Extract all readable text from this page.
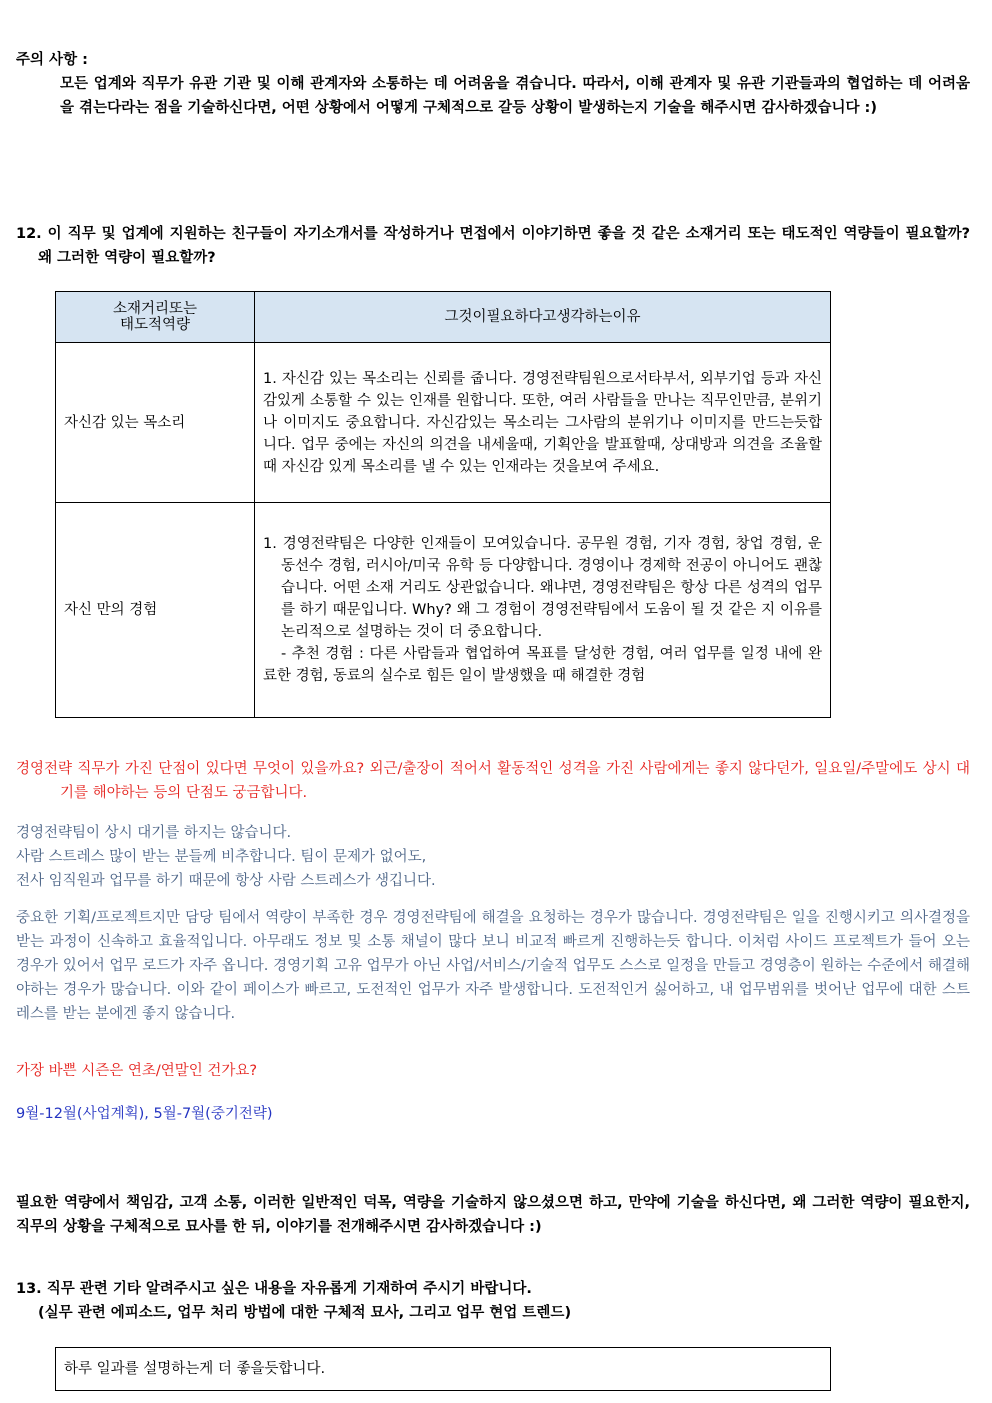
주의 사항 :

모든 업계와 직무가 유관 기관 및 이해 관계자와 소통하는 데 어려움을 겪습니다. 따라서, 이해 관계자 및 유관 기관들과의 협업하는 데 어려움을 겪는다라는 점을 기술하신다면, 어떤 상황에서 어떻게 구체적으로 갈등 상황이 발생하는지 기술을 해주시면 감사하겠습니다 :)

12. 이 직무 및 업계에 지원하는 친구들이 자기소개서를 작성하거나 면접에서 이야기하면 좋을 것 같은 소재거리 또는 태도적인 역량들이 필요할까? 왜 그러한 역량이 필요할까?

소재거리또는
태도적역량	그것이필요하다고생각하는이유
자신감 있는 목소리	1. 자신감 있는 목소리는 신뢰를 줍니다. 경영전략팀원으로서타부서, 외부기업 등과 자신감있게 소통할 수 있는 인재를 원합니다. 또한, 여러 사람들을 만나는 직무인만큼, 분위기나 이미지도 중요합니다. 자신감있는 목소리는 그사람의 분위기나 이미지를 만드는듯합니다. 업무 중에는 자신의 의견을 내세울때, 기획안을 발표할때, 상대방과 의견을 조율할때 자신감 있게 목소리를 낼 수 있는 인재라는 것을보여 주세요.
자신 만의 경험	1. 경영전략팀은 다양한 인재들이 모여있습니다. 공무원 경험, 기자 경험, 창업 경험, 운동선수 경험, 러시아/미국 유학 등 다양합니다. 경영이나 경제학 전공이 아니어도 괜찮습니다. 어떤 소재 거리도 상관없습니다. 왜냐면, 경영전략팀은 항상 다른 성격의 업무를 하기 때문입니다. Why? 왜 그 경험이 경영전략팀에서 도움이 될 것 같은 지 이유를 논리적으로 설명하는 것이 더 중요합니다.
- 추천 경험 : 다른 사람들과 협업하여 목표를 달성한 경험, 여러 업무를 일정 내에 완료한 경험, 동료의 실수로 힘든 일이 발생했을 때 해결한 경험

경영전략 직무가 가진 단점이 있다면 무엇이 있을까요? 외근/출장이 적어서 활동적인 성격을 가진 사람에게는 좋지 않다던가, 일요일/주말에도 상시 대기를 해야하는 등의 단점도 궁금합니다.

경영전략팀이 상시 대기를 하지는 않습니다.

사람 스트레스 많이 받는 분들께 비추합니다. 팀이 문제가 없어도,

전사 임직원과 업무를 하기 때문에 항상 사람 스트레스가 생깁니다.

중요한 기획/프로젝트지만 담당 팀에서 역량이 부족한 경우 경영전략팀에 해결을 요청하는 경우가 많습니다. 경영전략팀은 일을 진행시키고 의사결정을 받는 과정이 신속하고 효율적입니다. 아무래도 정보 및 소통 채널이 많다 보니 비교적 빠르게 진행하는듯 합니다. 이처럼 사이드 프로젝트가 들어 오는 경우가 있어서 업무 로드가 자주 옵니다. 경영기획 고유 업무가 아닌 사업/서비스/기술적 업무도 스스로 일정을 만들고 경영층이 원하는 수준에서 해결해야하는 경우가 많습니다. 이와 같이 페이스가 빠르고, 도전적인 업무가 자주 발생합니다. 도전적인거 싫어하고, 내 업무범위를 벗어난 업무에 대한 스트레스를 받는 분에겐 좋지 않습니다.

가장 바쁜 시즌은 연초/연말인 건가요?

9월-12월(사업계획), 5월-7월(중기전략)

필요한 역량에서 책임감, 고객 소통, 이러한 일반적인 덕목, 역량을 기술하지 않으셨으면 하고, 만약에 기술을 하신다면, 왜 그러한 역량이 필요한지, 직무의 상황을 구체적으로 묘사를 한 뒤, 이야기를 전개해주시면 감사하겠습니다 :)

13. 직무 관련 기타 알려주시고 싶은 내용을 자유롭게 기재하여 주시기 바랍니다.

(실무 관련 에피소드, 업무 처리 방법에 대한 구체적 묘사, 그리고 업무 현업 트렌드)

하루 일과를 설명하는게 더 좋을듯합니다.
